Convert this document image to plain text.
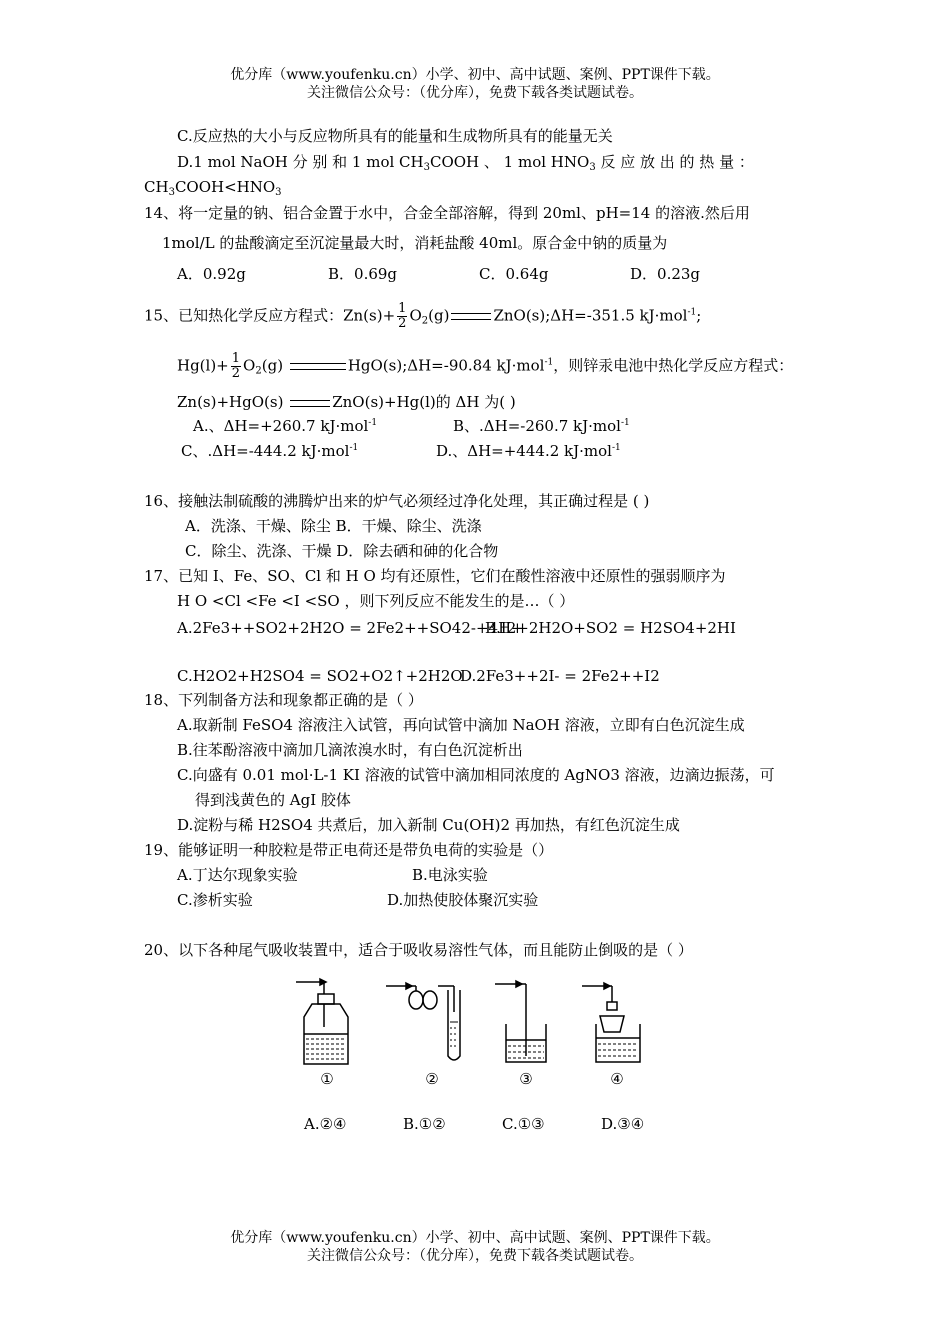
优分库（www.youfenku.cn）小学、初中、高中试题、案例、PPT课件下载。
关注微信公众号：（优分库），免费下载各类试题试卷。
C.反应热的大小与反应物所具有的能量和生成物所具有的能量无关
D.1 mol NaOH 分 别 和 1 mol $CH_3COOH$ 、 1 mol $HNO_3$ 反 应 放 出 的 热 量 ：
$CH_3COOH<HNO_3$
14、将一定量的钠、铝合金置于水中，合金全部溶解，得到 20ml、pH=14 的溶液.然后用
1mol/L 的盐酸滴定至沉淀量最大时，消耗盐酸 40ml。原合金中钠的质量为
A．0.92g	B．0.69g	C．0.64g	D．0.23g
15、已知热化学反应方程式：$Zn(s)+ \frac{1}{2} O_2(g)$	ZnO(s);ΔH=-351.5 kJ·mol$^{-1}$;
$Hg(l)+ \frac{1}{2} O_2(g)$	HgO(s);ΔH=-90.84 kJ·mol$^{-1}$，则锌汞电池中热化学反应方程式：
Zn(s)+HgO(s)	ZnO(s)+Hg(l)的 ΔH 为( )
A.、ΔH=+260.7 kJ·mol$^{-1}$	B、.ΔH=-260.7 kJ·mol$^{-1}$
C、.ΔH=-444.2 kJ·mol$^{-1}$	D.、ΔH=+444.2 kJ·mol$^{-1}$
16、接触法制硫酸的沸腾炉出来的炉气必须经过净化处理，其正确过程是 ( )
A．洗涤、干燥、除尘 B．干燥、除尘、洗涤
C．除尘、洗涤、干燥 D．除去硒和砷的化合物
17、已知 I、Fe、SO、Cl 和 H O 均有还原性，它们在酸性溶液中还原性的强弱顺序为
H O <Cl <Fe <I <SO ，则下列反应不能发生的是…（ ）
A.2Fe3++SO2+2H2O = 2Fe2++SO42-+4H+
B.I2+2H2O+SO2 = H2SO4+2HI
C.H2O2+H2SO4 = SO2+O2↑+2H2O
D.2Fe3++2I- = 2Fe2++I2
18、下列制备方法和现象都正确的是（ ）
A.取新制 FeSO4 溶液注入试管，再向试管中滴加 NaOH 溶液，立即有白色沉淀生成
B.往苯酚溶液中滴加几滴浓溴水时，有白色沉淀析出
C.向盛有 0.01 mol·L-1 KI 溶液的试管中滴加相同浓度的 AgNO3 溶液，边滴边振荡，可
得到浅黄色的 AgI 胶体
D.淀粉与稀 H2SO4 共煮后，加入新制 Cu(OH)2 再加热，有红色沉淀生成
19、能够证明一种胶粒是带正电荷还是带负电荷的实验是（）
A.丁达尔现象实验	B.电泳实验
C.渗析实验	D.加热使胶体聚沉实验
20、以下各种尾气吸收装置中，适合于吸收易溶性气体，而且能防止倒吸的是（ ）
①	②	③	④
A.②④	B.①②	C.①③	D.③④
优分库（www.youfenku.cn）小学、初中、高中试题、案例、PPT课件下载。
关注微信公众号：（优分库），免费下载各类试题试卷。
